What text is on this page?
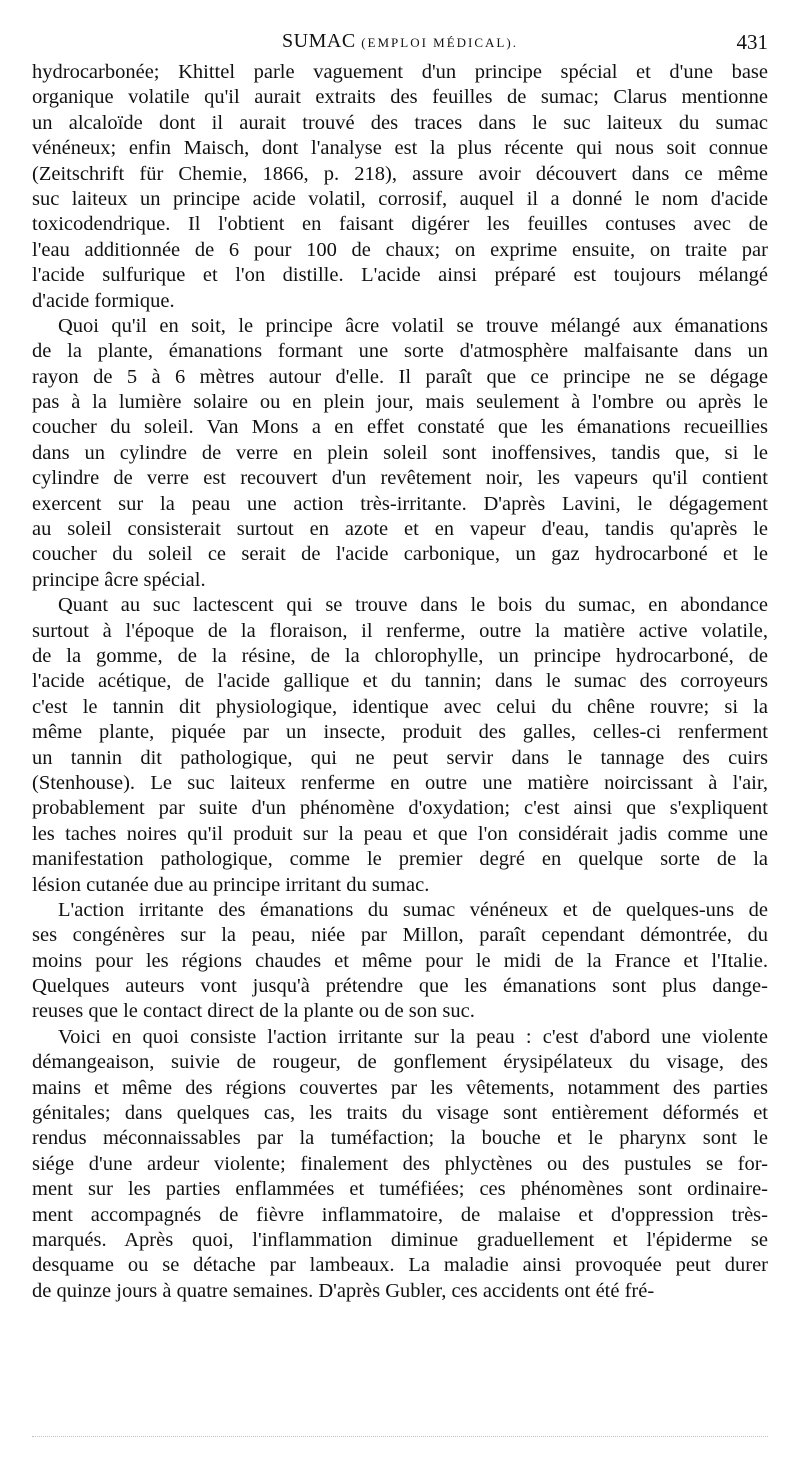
SUMAC (EMPLOI MÉDICAL).	431
hydrocarbonée; Khittel parle vaguement d'un principe spécial et d'une base
organique volatile qu'il aurait extraits des feuilles de sumac; Clarus mentionne
un alcaloïde dont il aurait trouvé des traces dans le suc laiteux du sumac
vénéneux; enfin Maisch, dont l'analyse est la plus récente qui nous soit connue
(Zeitschrift für Chemie, 1866, p. 218), assure avoir découvert dans ce même
suc laiteux un principe acide volatil, corrosif, auquel il a donné le nom d'acide
toxicodendrique. Il l'obtient en faisant digérer les feuilles contuses avec de
l'eau additionnée de 6 pour 100 de chaux; on exprime ensuite, on traite par
l'acide sulfurique et l'on distille. L'acide ainsi préparé est toujours mélangé
d'acide formique.
Quoi qu'il en soit, le principe âcre volatil se trouve mélangé aux émanations
de la plante, émanations formant une sorte d'atmosphère malfaisante dans un
rayon de 5 à 6 mètres autour d'elle. Il paraît que ce principe ne se dégage
pas à la lumière solaire ou en plein jour, mais seulement à l'ombre ou après le
coucher du soleil. Van Mons a en effet constaté que les émanations recueillies
dans un cylindre de verre en plein soleil sont inoffensives, tandis que, si le
cylindre de verre est recouvert d'un revêtement noir, les vapeurs qu'il contient
exercent sur la peau une action très-irritante. D'après Lavini, le dégagement
au soleil consisterait surtout en azote et en vapeur d'eau, tandis qu'après le
coucher du soleil ce serait de l'acide carbonique, un gaz hydrocarboné et le
principe âcre spécial.
Quant au suc lactescent qui se trouve dans le bois du sumac, en abondance
surtout à l'époque de la floraison, il renferme, outre la matière active volatile,
de la gomme, de la résine, de la chlorophylle, un principe hydrocarboné, de
l'acide acétique, de l'acide gallique et du tannin; dans le sumac des corroyeurs
c'est le tannin dit physiologique, identique avec celui du chêne rouvre; si la
même plante, piquée par un insecte, produit des galles, celles-ci renferment
un tannin dit pathologique, qui ne peut servir dans le tannage des cuirs
(Stenhouse). Le suc laiteux renferme en outre une matière noircissant à l'air,
probablement par suite d'un phénomène d'oxydation; c'est ainsi que s'expliquent
les taches noires qu'il produit sur la peau et que l'on considérait jadis comme une
manifestation pathologique, comme le premier degré en quelque sorte de la
lésion cutanée due au principe irritant du sumac.
L'action irritante des émanations du sumac vénéneux et de quelques-uns de
ses congénères sur la peau, niée par Millon, paraît cependant démontrée, du
moins pour les régions chaudes et même pour le midi de la France et l'Italie.
Quelques auteurs vont jusqu'à prétendre que les émanations sont plus dange-
reuses que le contact direct de la plante ou de son suc.
Voici en quoi consiste l'action irritante sur la peau : c'est d'abord une violente
démangeaison, suivie de rougeur, de gonflement érysipélateux du visage, des
mains et même des régions couvertes par les vêtements, notamment des parties
génitales; dans quelques cas, les traits du visage sont entièrement déformés et
rendus méconnaissables par la tuméfaction; la bouche et le pharynx sont le
siége d'une ardeur violente; finalement des phlyctènes ou des pustules se for-
ment sur les parties enflammées et tuméfiées; ces phénomènes sont ordinaire-
ment accompagnés de fièvre inflammatoire, de malaise et d'oppression très-
marqués. Après quoi, l'inflammation diminue graduellement et l'épiderme se
desquame ou se détache par lambeaux. La maladie ainsi provoquée peut durer
de quinze jours à quatre semaines. D'après Gubler, ces accidents ont été fré-
